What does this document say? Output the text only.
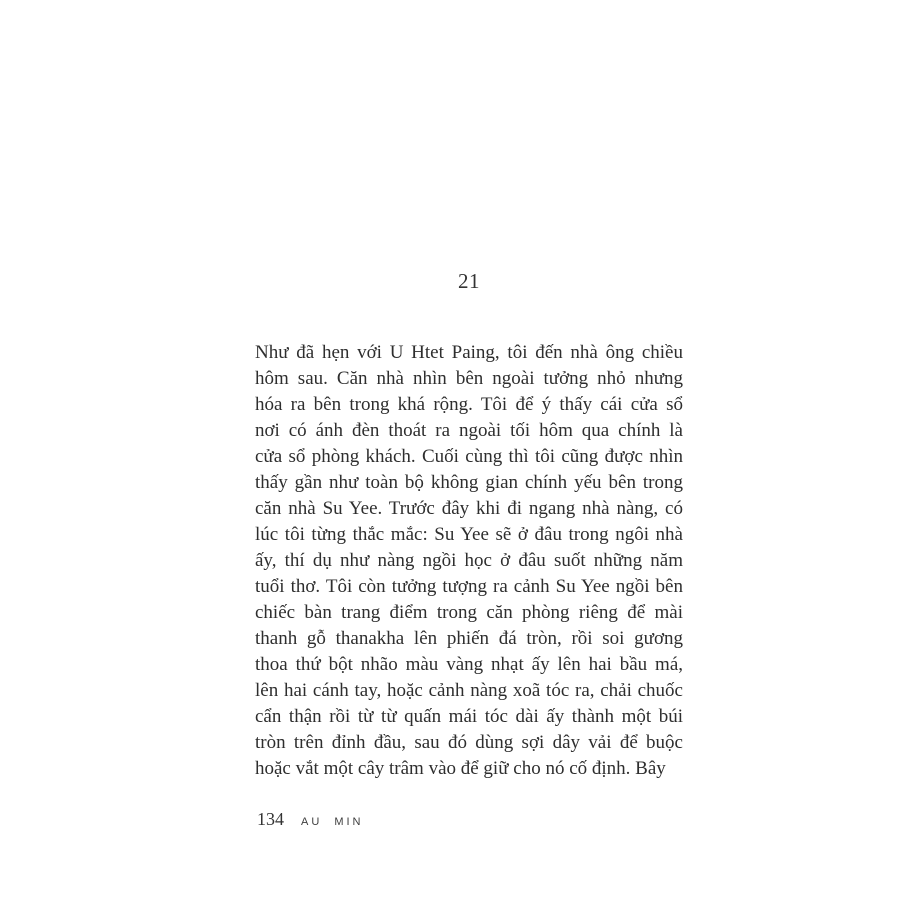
21
Như đã hẹn với U Htet Paing, tôi đến nhà ông chiều
hôm sau. Căn nhà nhìn bên ngoài tưởng nhỏ nhưng
hóa ra bên trong khá rộng. Tôi để ý thấy cái cửa sổ
nơi có ánh đèn thoát ra ngoài tối hôm qua chính là
cửa sổ phòng khách. Cuối cùng thì tôi cũng được nhìn
thấy gần như toàn bộ không gian chính yếu bên trong
căn nhà Su Yee. Trước đây khi đi ngang nhà nàng, có
lúc tôi từng thắc mắc: Su Yee sẽ ở đâu trong ngôi nhà
ấy, thí dụ như nàng ngồi học ở đâu suốt những năm
tuổi thơ. Tôi còn tưởng tượng ra cảnh Su Yee ngồi bên
chiếc bàn trang điểm trong căn phòng riêng để mài
thanh gỗ thanakha lên phiến đá tròn, rồi soi gương
thoa thứ bột nhão màu vàng nhạt ấy lên hai bầu má,
lên hai cánh tay, hoặc cảnh nàng xoã tóc ra, chải chuốc
cẩn thận rồi từ từ quấn mái tóc dài ấy thành một búi
tròn trên đỉnh đầu, sau đó dùng sợi dây vải để buộc
hoặc vắt một cây trâm vào để giữ cho nó cố định. Bây
134 AU MIN
